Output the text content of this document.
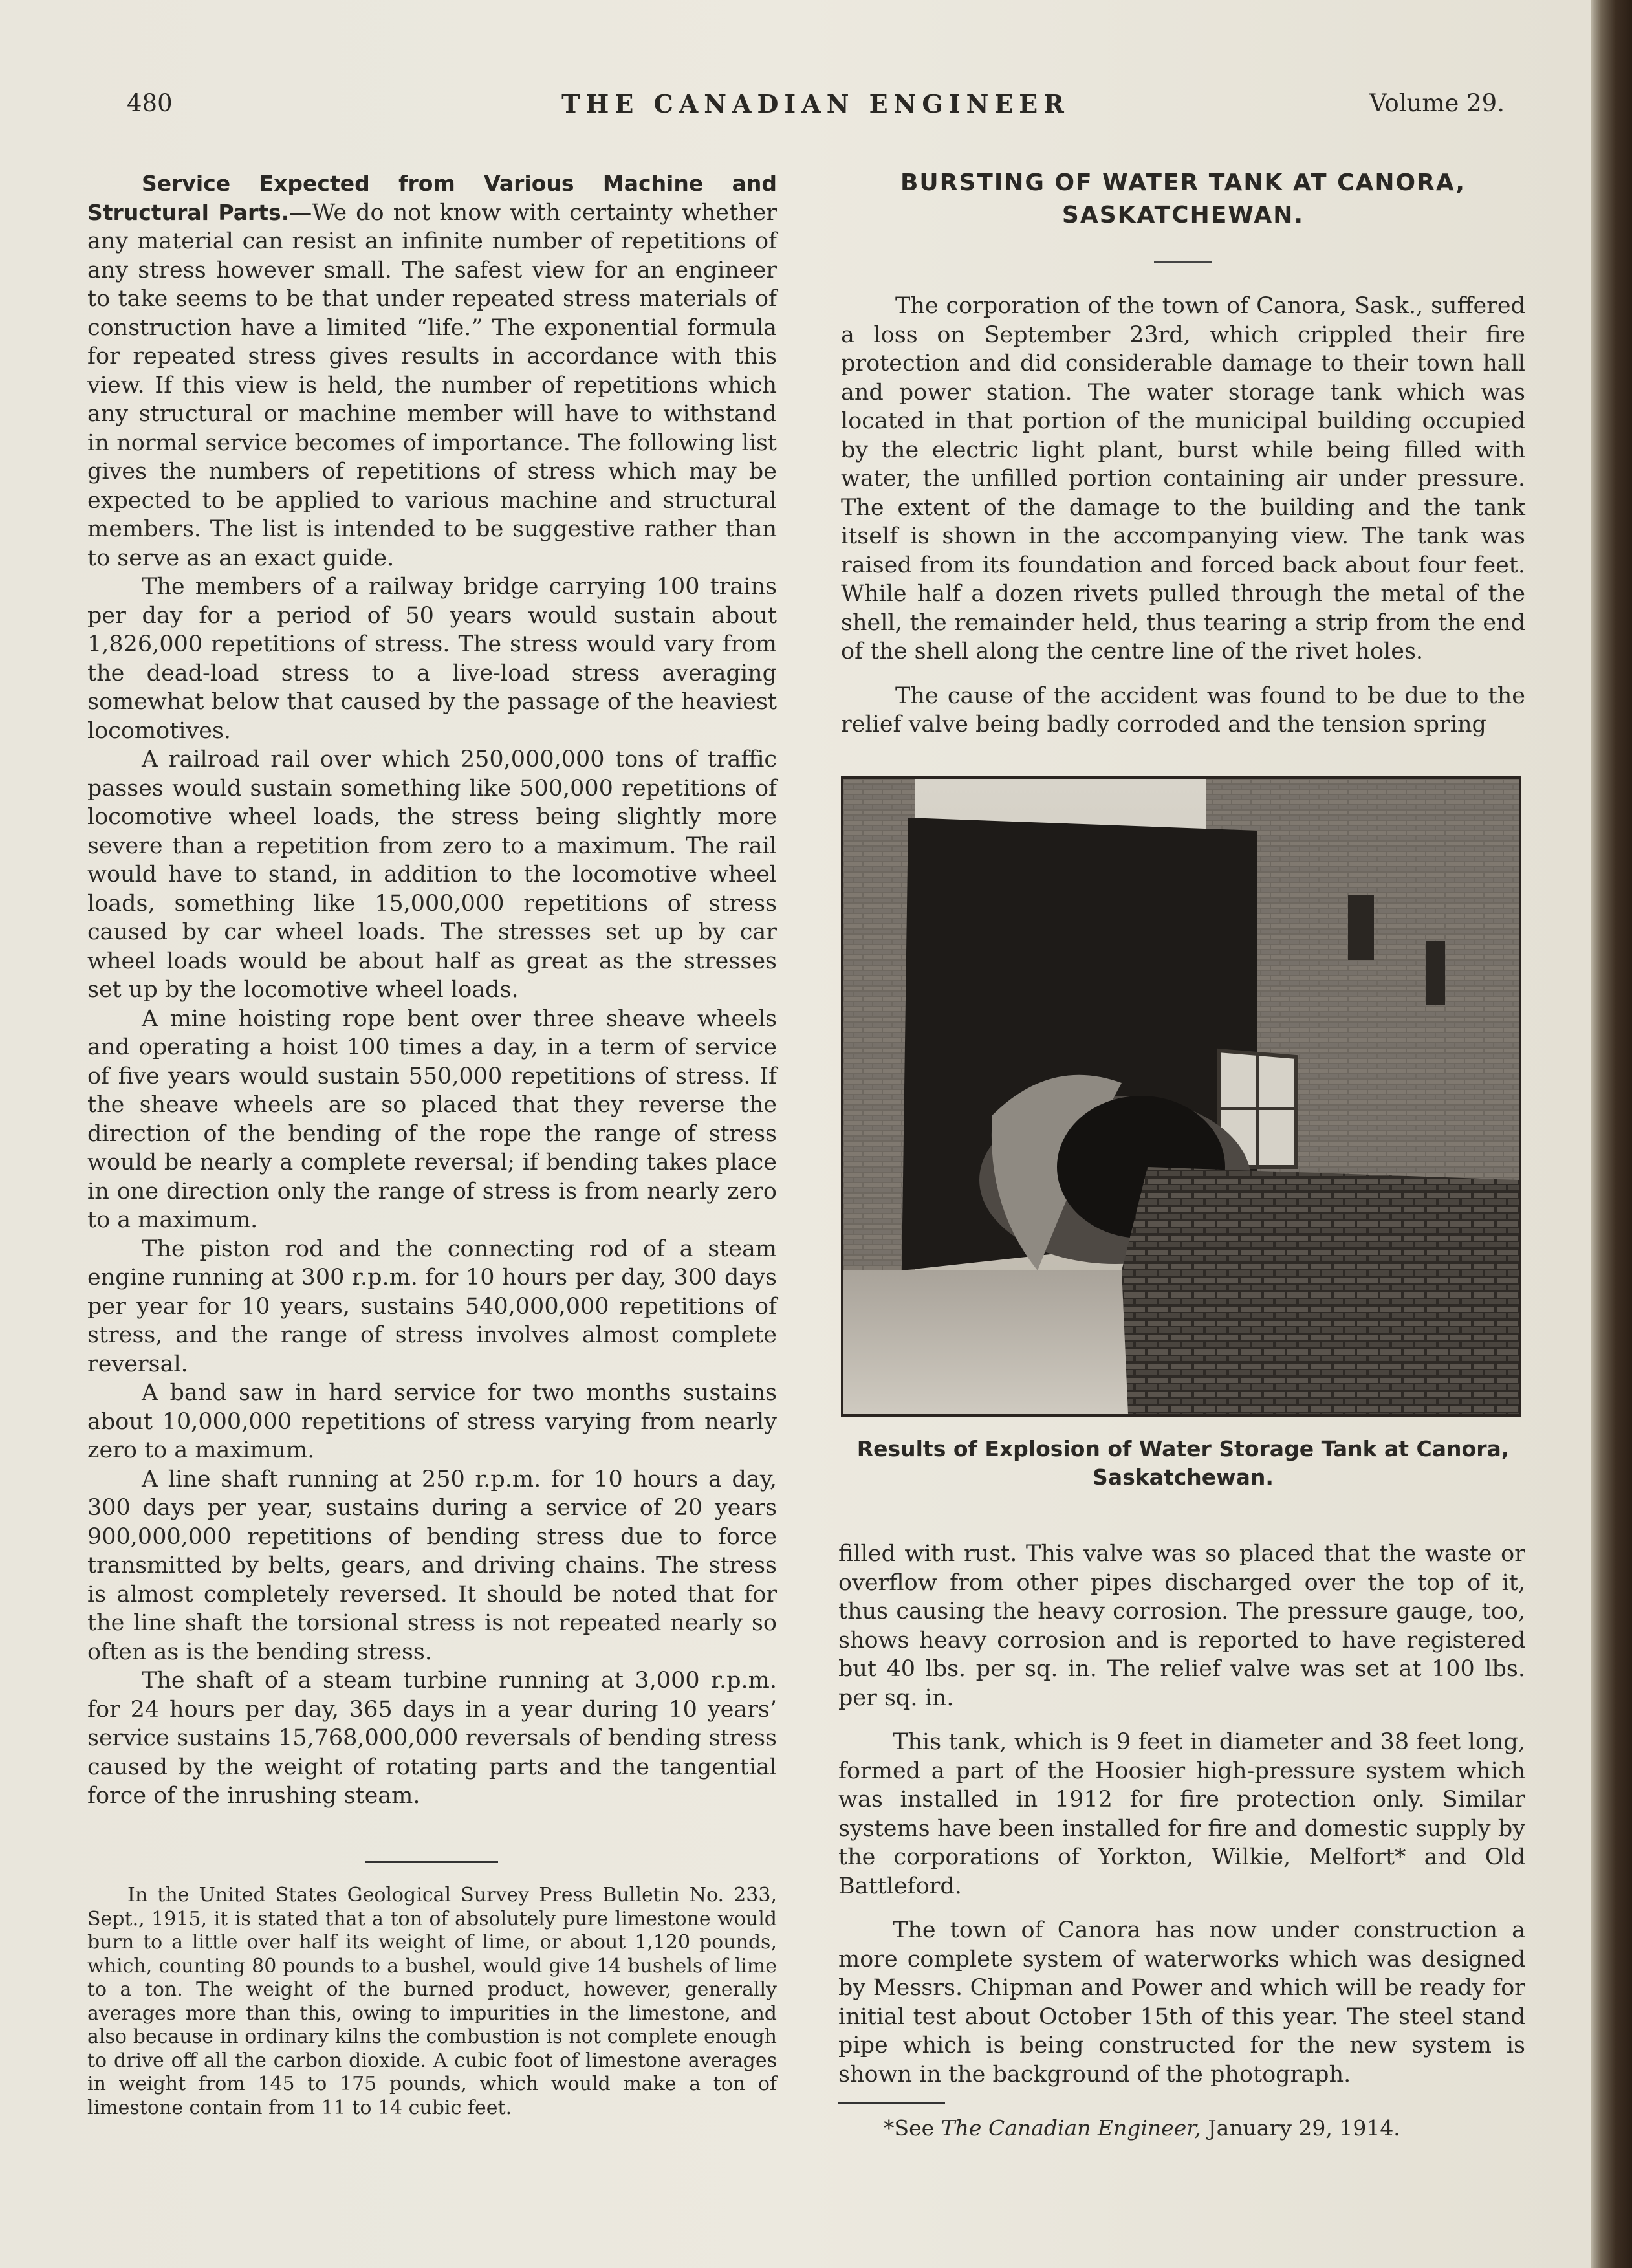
480	THE CANADIAN ENGINEER	Volume 29.

Service Expected from Various Machine and Structural Parts.—We do not know with certainty whether any material can resist an infinite number of repetitions of any stress however small. The safest view for an engineer to take seems to be that under repeated stress materials of construction have a limited “life.” The exponential formula for repeated stress gives results in accordance with this view. If this view is held, the number of repetitions which any structural or machine member will have to withstand in normal service becomes of importance. The following list gives the numbers of repetitions of stress which may be expected to be applied to various machine and structural members. The list is intended to be suggestive rather than to serve as an exact guide.

The members of a railway bridge carrying 100 trains per day for a period of 50 years would sustain about 1,826,000 repetitions of stress. The stress would vary from the dead-load stress to a live-load stress averaging somewhat below that caused by the passage of the heaviest locomotives.

A railroad rail over which 250,000,000 tons of traffic passes would sustain something like 500,000 repetitions of locomotive wheel loads, the stress being slightly more severe than a repetition from zero to a maximum. The rail would have to stand, in addition to the locomotive wheel loads, something like 15,000,000 repetitions of stress caused by car wheel loads. The stresses set up by car wheel loads would be about half as great as the stresses set up by the locomotive wheel loads.

A mine hoisting rope bent over three sheave wheels and operating a hoist 100 times a day, in a term of service of five years would sustain 550,000 repetitions of stress. If the sheave wheels are so placed that they reverse the direction of the bending of the rope the range of stress would be nearly a complete reversal; if bending takes place in one direction only the range of stress is from nearly zero to a maximum.

The piston rod and the connecting rod of a steam engine running at 300 r.p.m. for 10 hours per day, 300 days per year for 10 years, sustains 540,000,000 repetitions of stress, and the range of stress involves almost complete reversal.

A band saw in hard service for two months sustains about 10,000,000 repetitions of stress varying from nearly zero to a maximum.

A line shaft running at 250 r.p.m. for 10 hours a day, 300 days per year, sustains during a service of 20 years 900,000,000 repetitions of bending stress due to force transmitted by belts, gears, and driving chains. The stress is almost completely reversed. It should be noted that for the line shaft the torsional stress is not repeated nearly so often as is the bending stress.

The shaft of a steam turbine running at 3,000 r.p.m. for 24 hours per day, 365 days in a year during 10 years’ service sustains 15,768,000,000 reversals of bending stress caused by the weight of rotating parts and the tangential force of the inrushing steam.

In the United States Geological Survey Press Bulletin No. 233, Sept., 1915, it is stated that a ton of absolutely pure limestone would burn to a little over half its weight of lime, or about 1,120 pounds, which, counting 80 pounds to a bushel, would give 14 bushels of lime to a ton. The weight of the burned product, however, generally averages more than this, owing to impurities in the limestone, and also because in ordinary kilns the combustion is not complete enough to drive off all the carbon dioxide. A cubic foot of limestone averages in weight from 145 to 175 pounds, which would make a ton of limestone contain from 11 to 14 cubic feet.

BURSTING OF WATER TANK AT CANORA, SASKATCHEWAN.

The corporation of the town of Canora, Sask., suffered a loss on September 23rd, which crippled their fire protection and did considerable damage to their town hall and power station. The water storage tank which was located in that portion of the municipal building occupied by the electric light plant, burst while being filled with water, the unfilled portion containing air under pressure. The extent of the damage to the building and the tank itself is shown in the accompanying view. The tank was raised from its foundation and forced back about four feet. While half a dozen rivets pulled through the metal of the shell, the remainder held, thus tearing a strip from the end of the shell along the centre line of the rivet holes.

The cause of the accident was found to be due to the relief valve being badly corroded and the tension spring

Results of Explosion of Water Storage Tank at Canora, Saskatchewan.

filled with rust. This valve was so placed that the waste or overflow from other pipes discharged over the top of it, thus causing the heavy corrosion. The pressure gauge, too, shows heavy corrosion and is reported to have registered but 40 lbs. per sq. in. The relief valve was set at 100 lbs. per sq. in.

This tank, which is 9 feet in diameter and 38 feet long, formed a part of the Hoosier high-pressure system which was installed in 1912 for fire protection only. Similar systems have been installed for fire and domestic supply by the corporations of Yorkton, Wilkie, Melfort* and Old Battleford.

The town of Canora has now under construction a more complete system of waterworks which was designed by Messrs. Chipman and Power and which will be ready for initial test about October 15th of this year. The steel stand pipe which is being constructed for the new system is shown in the background of the photograph.

*See The Canadian Engineer, January 29, 1914.
